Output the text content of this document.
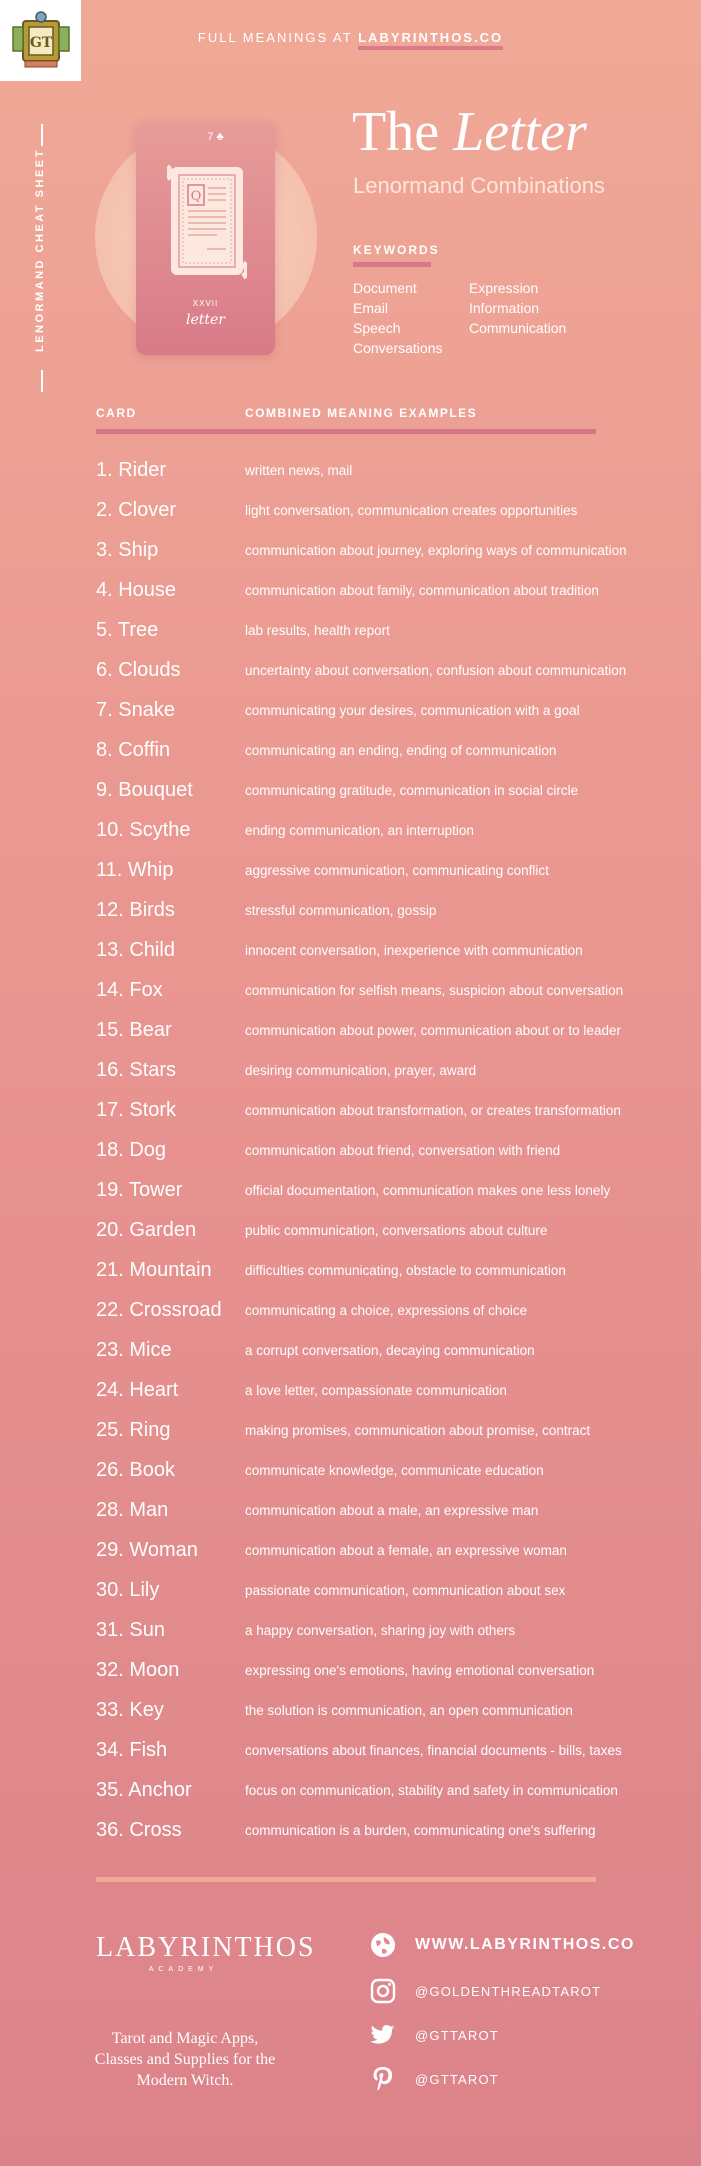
GT	FULL MEANINGS AT LABYRINTHOS.CO
LENORMAND CHEAT SHEET
7 ♣
Q
XXVII
letter
The Letter
Lenormand Combinations
KEYWORDS
Document
Email
Speech
Conversations
Expression
Information
Communication
CARD	COMBINED MEANING EXAMPLES
1. Rider	written news, mail
2. Clover	light conversation, communication creates opportunities
3. Ship	communication about journey, exploring ways of communication
4. House	communication about family, communication about tradition
5. Tree	lab results, health report
6. Clouds	uncertainty about conversation, confusion about communication
7. Snake	communicating your desires, communication with a goal
8. Coffin	communicating an ending, ending of communication
9. Bouquet	communicating gratitude, communication in social circle
10. Scythe	ending communication, an interruption
11. Whip	aggressive communication, communicating conflict
12. Birds	stressful communication, gossip
13. Child	innocent conversation, inexperience with communication
14. Fox	communication for selfish means, suspicion about conversation
15. Bear	communication about power, communication about or to leader
16. Stars	desiring communication, prayer, award
17. Stork	communication about transformation, or creates transformation
18. Dog	communication about friend, conversation with friend
19. Tower	official documentation, communication makes one less lonely
20. Garden	public communication, conversations about culture
21. Mountain	difficulties communicating, obstacle to communication
22. Crossroad	communicating a choice, expressions of choice
23. Mice	a corrupt conversation, decaying communication
24. Heart	a love letter, compassionate communication
25. Ring	making promises, communication about promise, contract
26. Book	communicate knowledge, communicate education
28. Man	communication about a male, an expressive man
29. Woman	communication about a female, an expressive woman
30. Lily	passionate communication, communication about sex
31. Sun	a happy conversation, sharing joy with others
32. Moon	expressing one's emotions, having emotional conversation
33. Key	the solution is communication, an open communication
34. Fish	conversations about finances, financial documents - bills, taxes
35. Anchor	focus on communication, stability and safety in communication
36. Cross	communication is a burden, communicating one's suffering
LABYRINTHOS
ACADEMY
Tarot and Magic Apps, Classes and Supplies for the Modern Witch.
WWW.LABYRINTHOS.CO
@GOLDENTHREADTAROT
@GTTAROT
@GTTAROT
